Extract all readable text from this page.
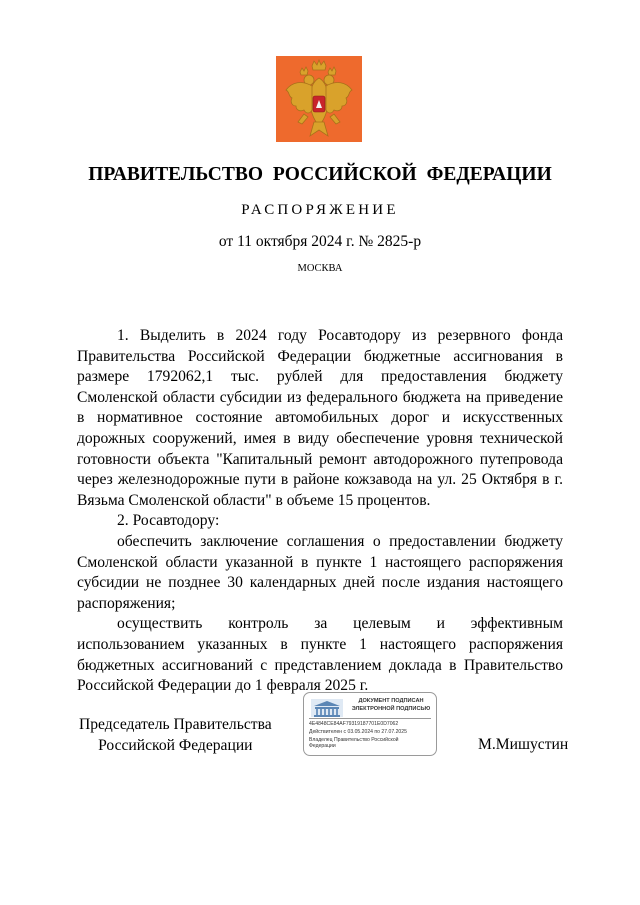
ПРАВИТЕЛЬСТВО РОССИЙСКОЙ ФЕДЕРАЦИИ
РАСПОРЯЖЕНИЕ
от 11 октября 2024 г. № 2825-р
МОСКВА

1. Выделить в 2024 году Росавтодору из резервного фонда Правительства Российской Федерации бюджетные ассигнования в размере 1792062,1 тыс. рублей для предоставления бюджету Смоленской области субсидии из федерального бюджета на приведение в нормативное состояние автомобильных дорог и искусственных дорожных сооружений, имея в виду обеспечение уровня технической готовности объекта "Капитальный ремонт автодорожного путепровода через железнодорожные пути в районе кожзавода на ул. 25 Октября в г. Вязьма Смоленской области" в объеме 15 процентов.

2. Росавтодору:

обеспечить заключение соглашения о предоставлении бюджету Смоленской области указанной в пункте 1 настоящего распоряжения субсидии не позднее 30 календарных дней после издания настоящего распоряжения;

осуществить контроль за целевым и эффективным использованием указанных в пункте 1 настоящего распоряжения бюджетных ассигнований с представлением доклада в Правительство Российской Федерации до 1 февраля 2025 г.

Председатель Правительства
Российской Федерации
ДОКУМЕНТ ПОДПИСАН
ЭЛЕКТРОННОЙ ПОДПИСЬЮ
4E4848CE84AF79319187701E0D7062
Действителен с 03.05.2024 по 27.07.2025
Владелец Правительство Российской
Федерации	М.Мишустин
